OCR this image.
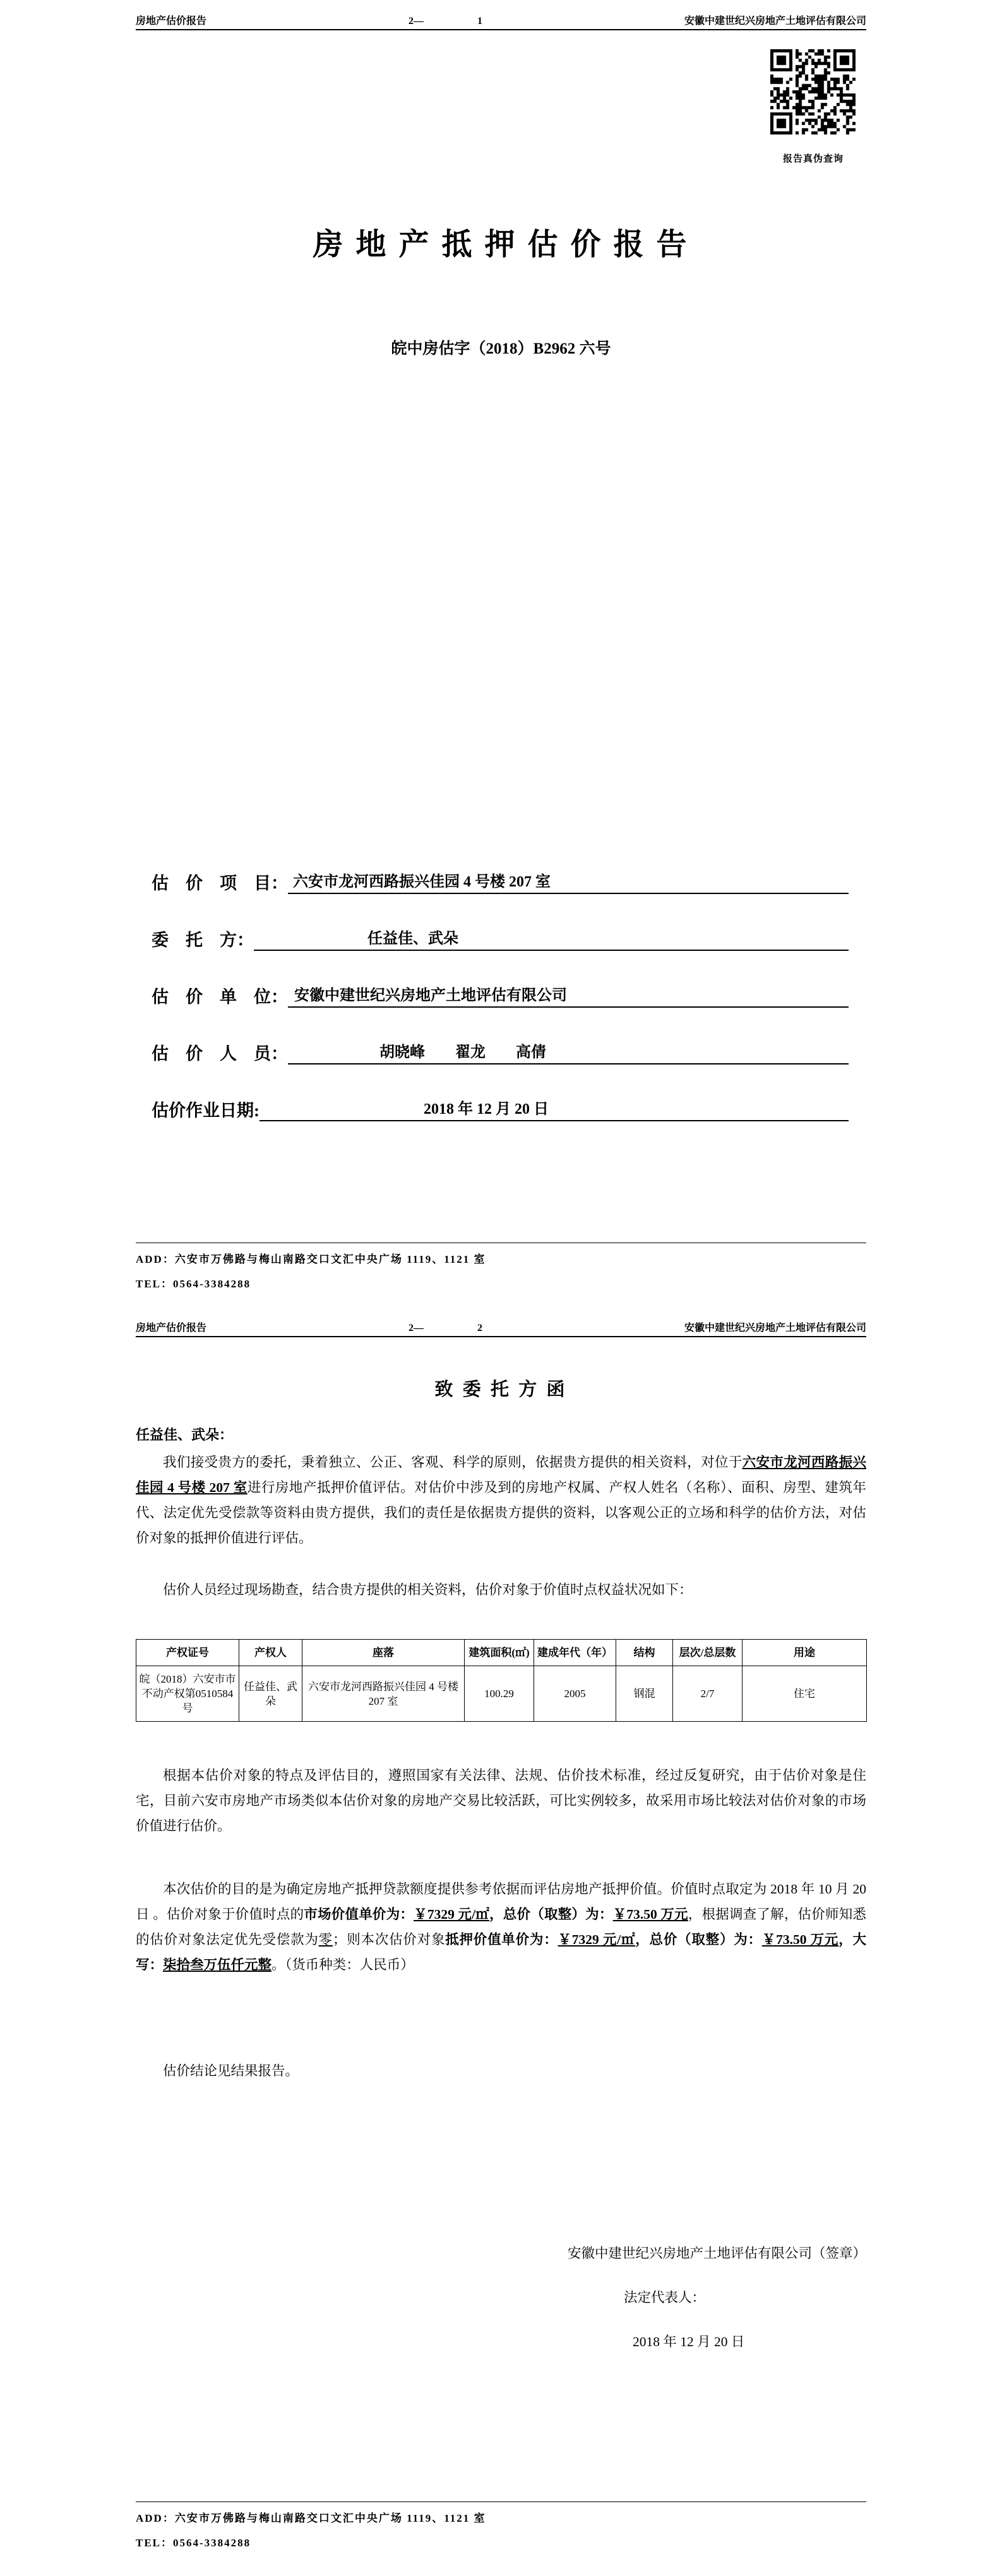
房地产估价报告	2—	1	安徽中建世纪兴房地产土地评估有限公司
报告真伪查询
房 地 产 抵 押 估 价 报 告
皖中房估字（2018）B2962 六号
估　价　项　目： 六安市龙河西路振兴佳园 4 号楼 207 室
委　托　方：	任益佳、武朵
估　价　单　位： 安徽中建世纪兴房地产土地评估有限公司
估　价　人　员：	胡晓峰　　翟龙　　高倩
估价作业日期:	2018 年 12 月 20 日
ADD：六安市万佛路与梅山南路交口文汇中央广场 1119、1121 室
TEL：0564-3384288
房地产估价报告	2—	2	安徽中建世纪兴房地产土地评估有限公司
致 委 托 方 函
任益佳、武朵：

我们接受贵方的委托，秉着独立、公正、客观、科学的原则，依据贵方提供的相关资料，对位于六安市龙河西路振兴佳园 4 号楼 207 室进行房地产抵押价值评估。对估价中涉及到的房地产权属、产权人姓名（名称）、面积、房型、建筑年代、法定优先受偿款等资料由贵方提供，我们的责任是依据贵方提供的资料，以客观公正的立场和科学的估价方法，对估价对象的抵押价值进行评估。

估价人员经过现场勘查，结合贵方提供的相关资料，估价对象于价值时点权益状况如下：

产权证号	产权人	座落	建筑面积(㎡)	建成年代（年）	结构	层次/总层数	用途
皖（2018）六安市市不动产权第0510584号	任益佳、武朵	六安市龙河西路振兴佳园 4 号楼 207 室	100.29	2005	钢混	2/7	住宅

根据本估价对象的特点及评估目的，遵照国家有关法律、法规、估价技术标准，经过反复研究，由于估价对象是住宅，目前六安市房地产市场类似本估价对象的房地产交易比较活跃，可比实例较多，故采用市场比较法对估价对象的市场价值进行估价。

本次估价的目的是为确定房地产抵押贷款额度提供参考依据而评估房地产抵押价值。价值时点取定为 2018 年 10 月 20 日 。估价对象于价值时点的市场价值单价为：￥7329 元/㎡，总价（取整）为：￥73.50 万元，根据调查了解，估价师知悉的估价对象法定优先受偿款为零；则本次估价对象抵押价值单价为：￥7329 元/㎡，总价（取整）为：￥73.50 万元，大写：柒拾叁万伍仟元整。（货币种类：人民币）

估价结论见结果报告。

安徽中建世纪兴房地产土地评估有限公司（签章）
法定代表人：
2018 年 12 月 20 日
ADD：六安市万佛路与梅山南路交口文汇中央广场 1119、1121 室
TEL：0564-3384288
